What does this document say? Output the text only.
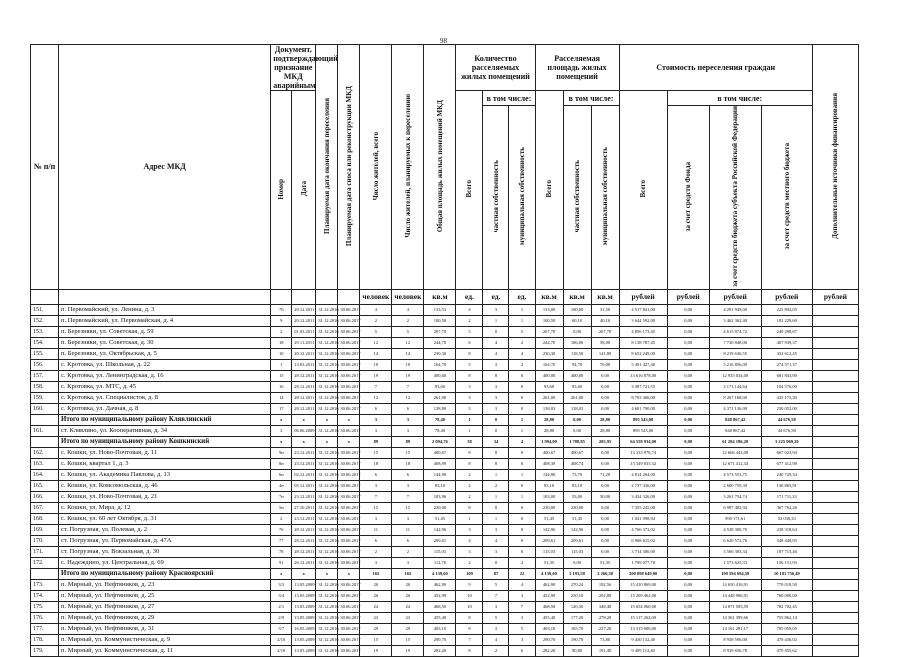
98
№ п/п	Адрес МКД	Документ, подтверждающий признание МКД аварийным		Планируемая дата окончания переселения	Планируемая дата сноса или реконструкции МКД	Число жителей, всего	Число жителей, планируемых к переселению	Общая площадь жилых помещений МКД	Количество расселяемых жилых помещений			Расселяемая площадь жилых помещений			Стоимость переселения граждан				Дополнительные источники финансирования
		Номер	Дата						Всего	в том числе:		Всего	в том числе:		Всего	в том числе:			
										частная собственность	муниципальная собственность		частная собственность	муниципальная собственность		за счет средств Фонда	за счет средств бюджета субъекта Российской Федерации	за счет средств местного бюджета	
						человек	человек	кв.м	ед.	ед.	ед.	кв.м	кв.м	кв.м	рублей	рублей	рублей	рублей	рублей
151.	п. Первомайский, ул. Ленина, д. 3	70	20.12.2011	31.12.2016	30.06.2017	4	4	133,53	4	3	1	133,00	100,00	31,50	4 517 841,00	0,00	4 291 949,00	225 892,05	
152.	п. Первомайский, ул. Первомайская, д. 4	9	20.12.2011	31.12.2016	30.06.2017	2	2	100,50	2	1	1	100,50	60,10	40,10	3 644 592,00	0,00	3 462 362,40	182 229,60	
153.	п. Березняки, ул. Советская, д. 59	2	01.03.2011	31.12.2016	30.06.2017	5	5	207,70	5	0	5	207,70	0,00	207,70	4 856 173,45	0,00	4 615 874,72	240 298,67	
154.	п. Березняки, ул. Советская, д. 30	18	29.11.2011	31.12.2016	30.06.2017	12	12	244,70	6	4	2	244,70	186,00	58,00	8 138 787,45	0,00	7 730 848,00	407 939,37	
155.	п. Березняки, ул. Октябрьская, д. 5	10	20.12.2011	31.12.2016	30.06.2017	14	14	230,30	8	4	4	230,30	118,50	141,80	8 652 249,00	0,00	8 219 636,55	432 612,45	
156.	с. Кротовка, ул. Школьная, д. 22	1	13.03.2011	31.12.2016	30.06.2017	10	10	164,70	5	3	2	164,70	94,70	70,00	5 491 427,40	0,00	5 216 856,00	274 571,37	
157.	с. Кротовка, ул. Ленинградская, д. 16	15	28.12.2011	31.12.2016	30.06.2017	19	19	400,60	8	8	0	400,00	400,00	0,00	13 616 878,00	0,00	12 935 034,00	681 843,90	
158.	с. Кротовка, ул. МТС, д. 45	16	28.12.2011	31.12.2016	30.06.2017	7	7	93,60	3	3	0	93,60	93,60	0,00	3 387 721,55	0,00	3 173 144,64	164 576,00	
159.	с. Кротовка, ул. Специалистов, д. 8	14	28.12.2011	31.12.2016	30.06.2017	12	12	261,90	3	3	0	261,00	261,00	0,00	8 703 366,00	0,00	8 267 168,00	435 173,30	
160.	с. Кротовка, ул. Дачная, д. 8	17	28.12.2011	31.12.2016	30.06.2017	6	6	138,80	3	3	0	138,03	138,03	0,00	4 601 790,00	0,00	4 371 136,00	230 052,00	
	Итого по муниципальному району Клявлинский	x	x	x	x	3	3	78,40	1	0	1	28,80	0,00	28,80	895 543,00	0,00	848 867,42	44 676,58	
161.	ст. Клявлино, ул. Кооперативная, д. 34	3	06.06.2009	31.12.2016	30.06.2017	3	3	78,40	1	0	1	28,80	0,00	28,80	895 543,00	0,00	848 867,42	44 676,58	
	Итого по муниципальному району Кошкинский	x	x	x	x	89	89	2 094,76	38	34	4	1 994,00	1 788,85	205,95	64 558 934,00	0,00	61 284 186,20	3 225 969,20	
162.	с. Кошки, ул. Ново-Почтовая, д. 11	9н	23.12.2011	31.12.2016	30.06.2017	15	15	400,67	8	8	0	400,67	400,67	0,00	13 333 978,74	0,00	12 666 443,00	667 023,94	
163.	с. Кошки, квартал 1, д. 3	8н	23.12.2011	31.12.2016	30.06.2017	18	18	408,99	8	8	0	408,39	408,74	0,00	13 349 835,32	0,00	12 671 412,34	677 412,98	
164.	с. Кошки, ул. Академика Павлова, д. 13	6н	02.12.2011	31.12.2016	30.06.2017	6	6	144,90	2	1	1	144,90	73,70	71,20	4 814 264,00	0,00	4 573 553,75	240 729,34	
165.	с. Кошки, ул. Комсомольская, д. 46	4н	05.12.2011	31.12.2016	30.06.2017	3	3	83,10	2	2	0	83,10	83,10	0,00	2 737 336,00	0,00	2 600 759,39	136 865,91	
166.	с. Кошки, ул. Ново-Почтовая, д. 21	7н	23.12.2011	31.12.2016	30.06.2017	7	7	103,96	2	1	1	103,00	53,00	50,00	3 434 326,00	0,00	3 261 754,74	171 711,33	
167.	с. Кошки, ул. Мира, д. 12	5н	27.10.2011	31.12.2016	30.06.2017	15	15	230,00	8	8	0	230,00	230,00	0,00	7 355 245,00	0,00	6 987 482,94	367 762,26	
168.	с. Кошки, ул. 60 лет Октября, д. 31	2	23.12.2011	31.12.2016	30.06.2017	3	3	51,45	1	1	0	51,45	51,45	0,00	1 041 998,94	0,00	990 171,61	52 030,33	
169.	ст. Погрузная, ул. Полевая, д. 2	76	28.12.2011	31.12.2016	30.06.2017	11	11	142,96	3	3	0	142,96	142,96	0,00	4 766 373,02	0,00	4 528 300,70	238 318,64	
170.	ст. Погрузная, ул. Первомайская, д. 47А	77	28.12.2011	31.12.2016	30.06.2017	6	6	209,61	4	4	0	209,61	209,61	0,00	6 968 615,02	0,00	6 620 572,76	348 440,93	
171.	ст. Погрузная, ул. Вокзальная, д. 30	78	28.12.2011	31.12.2016	30.06.2017	2	2	115,03	3	3	0	115,03	115,03	0,00	3 714 300,00	0,00	3 566 383,34	187 715,46	
172.	с. Надеждино, ул. Центральная, д. 69	91	26.12.2011	31.12.2016	30.06.2017	3	3	112,76	2	0	2	51,35	0,00	51,35	1 709 077,70	0,00	1 573 625,33	156 151,93	
	Итого по муниципальному району Красноярский	x	x	x	x	165	165	4 139,60	109	87	22	4 139,60	3 193,58	2 266,38	200 098 649,00	0,00	190 594 694,58	10 181 756,49	
173.	п. Мирный, ул. Нефтяников, д. 23	3/3	13.05.2009	31.12.2016	30.06.2017	20	20	462,90	9	5	4	462,90	270,24	192,56	15 410 869,00	0,00	14 650 416,91	770 018,50	
174.	п. Мирный, ул. Нефтяников, д. 25	3/4	13.05.2009	31.12.2016	30.06.2017	26	26	452,99	10	7	3	452,99	250,10	202,89	15 209 462,00	0,00	14 448 986,91	760 000,00	
175.	п. Мирный, ул. Нефтяников, д. 27	2/1	13.05.2009	31.12.2016	30.06.2017	24	24	468,50	10	3	7	468,50	120,30	348,40	15 654 060,00	0,00	14 871 505,59	782 702,45	
176.	п. Мирный, ул. Нефтяников, д. 29	2/9	13.05.2009	31.12.2016	30.06.2017	23	23	455,40	8	5	3	455,40	177,20	278,20	15 117 262,00	0,00	14 361 399,66	755 862,14	
177.	п. Мирный, ул. Нефтяников, д. 31	3/7	16.05.2009	31.12.2016	30.06.2017	29	29	403,10	8	3	5	403,10	165,70	237,20	13 315 000,00	0,00	14 161 281,17	785 059,05	
178.	п. Мирный, ул. Коммунистическая, д. 9	2/10	13.05.2009	31.12.2016	30.06.2017	15	15	290,70	7	4	3	290,70	190,70	73,80	9 430 132,40	0,00	8 958 596,00	470 436,02	
179.	п. Мирный, ул. Коммунистическая, д. 11	2/10	13.05.2009	31.12.2016	30.06.2017	19	19	282,20	8	2	6	282,20	90,80	191,40	9 409 112,40	0,00	8 939 656,78	470 455,62	
